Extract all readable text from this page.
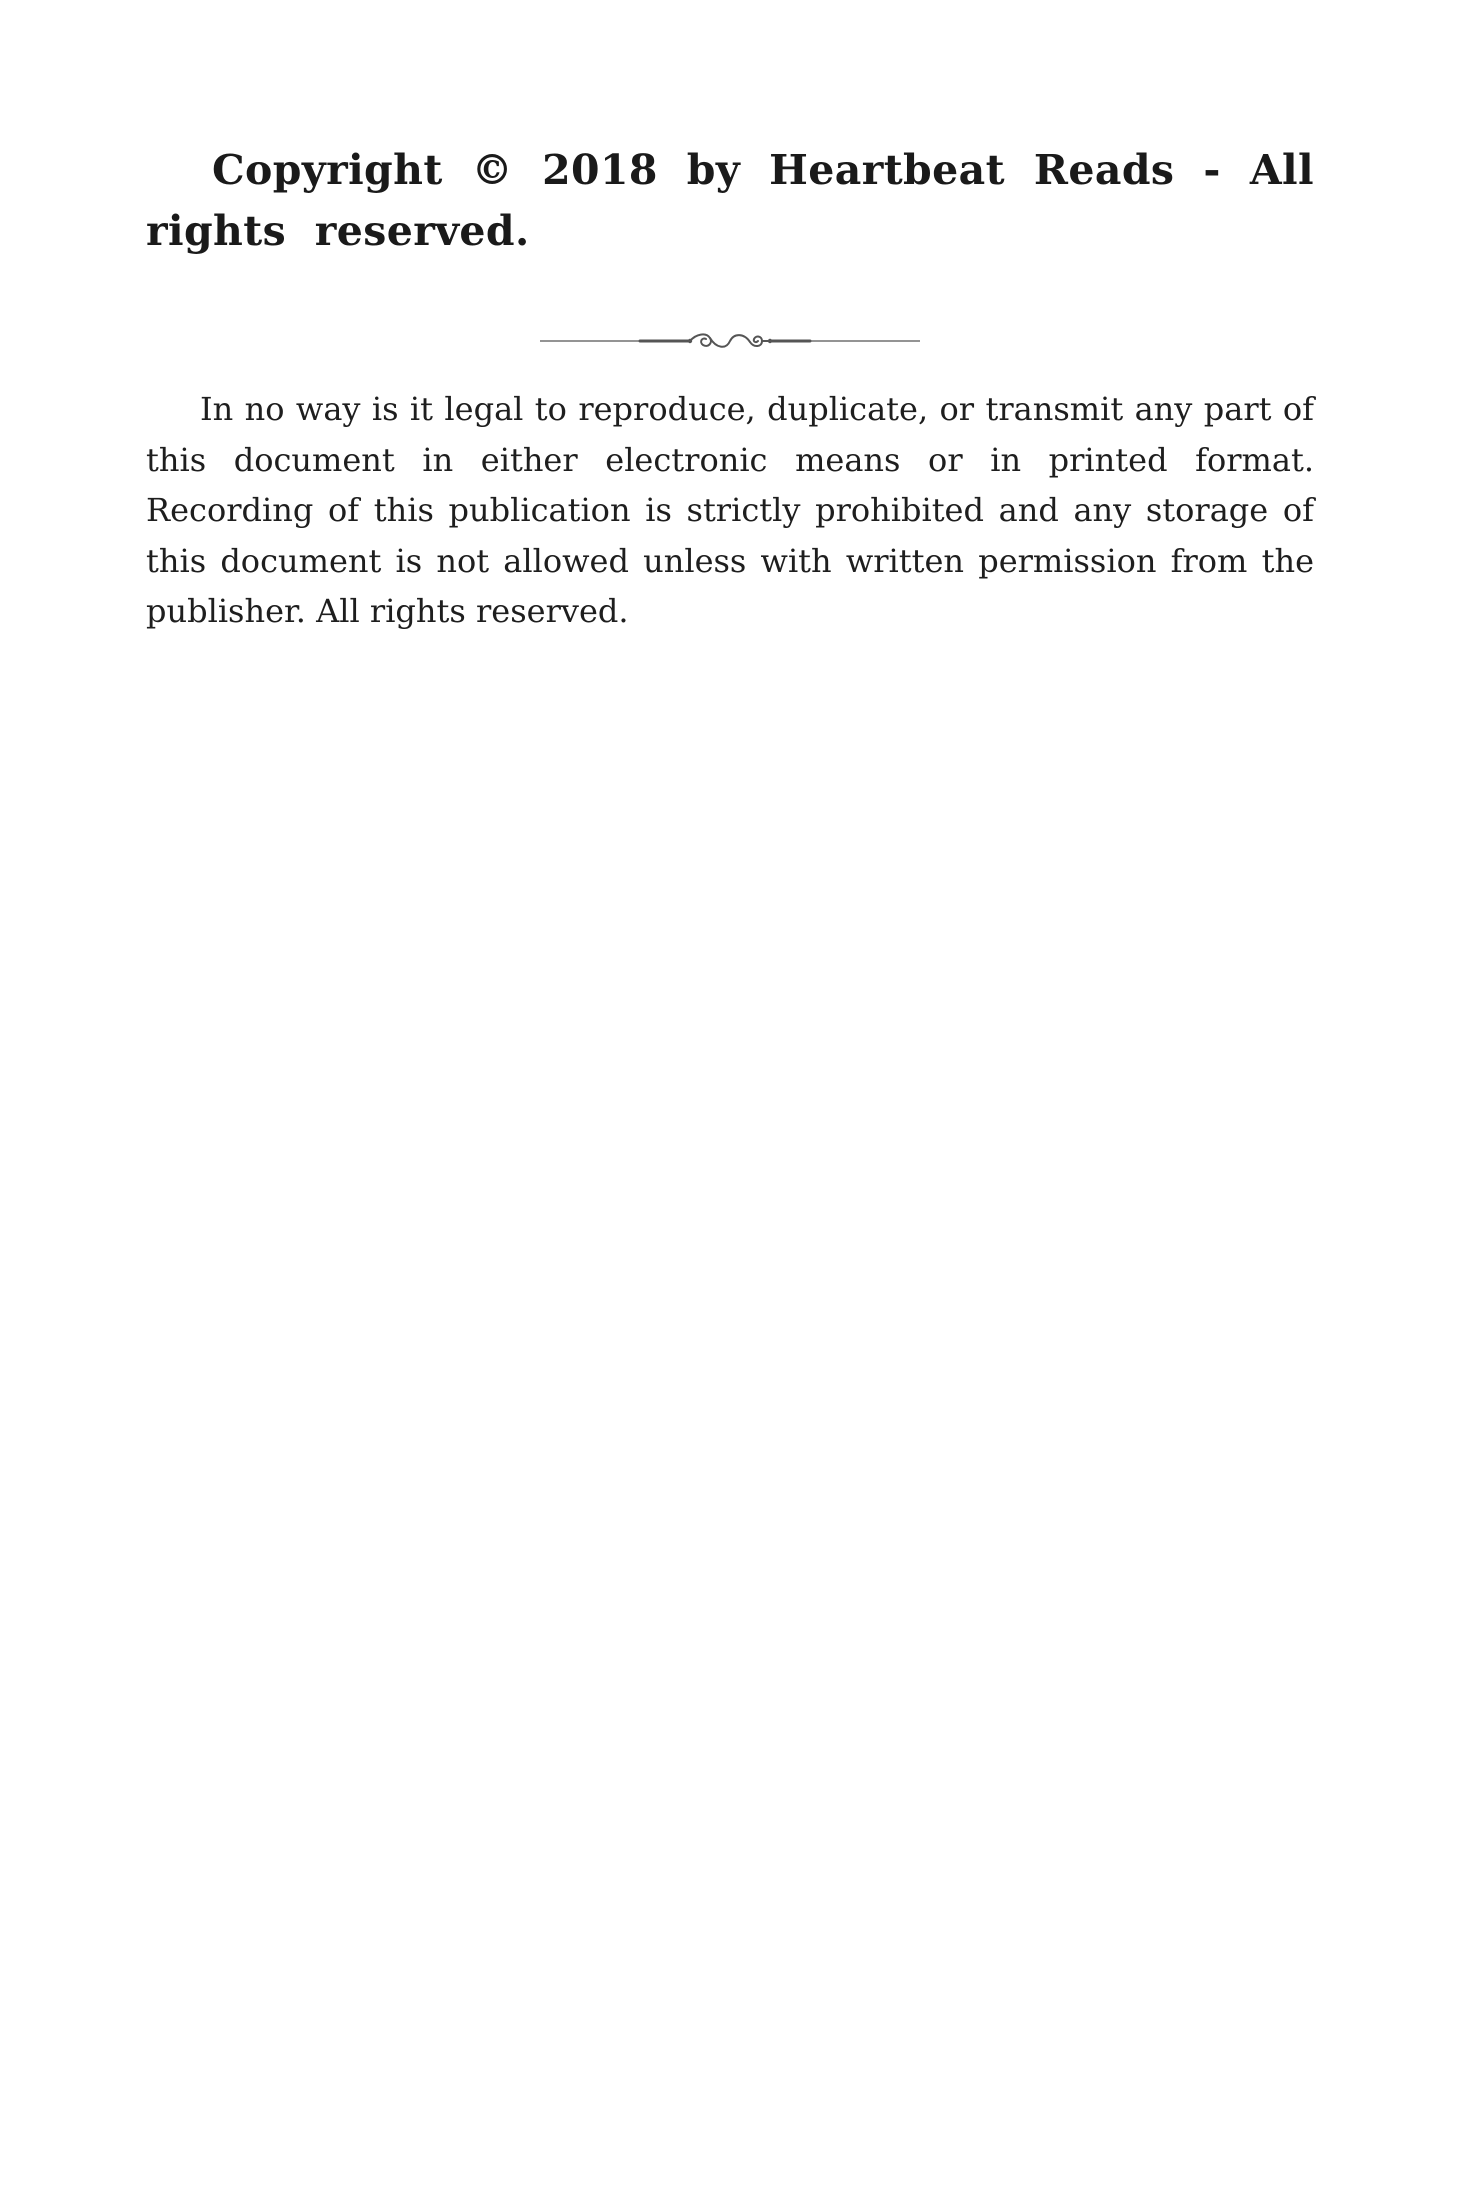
Copyright © 2018 by Heartbeat Reads - All rights reserved.

In no way is it legal to reproduce, duplicate, or transmit any part of this document in either electronic means or in printed format. Recording of this publication is strictly prohibited and any storage of this document is not allowed unless with written permission from the publisher. All rights reserved.
